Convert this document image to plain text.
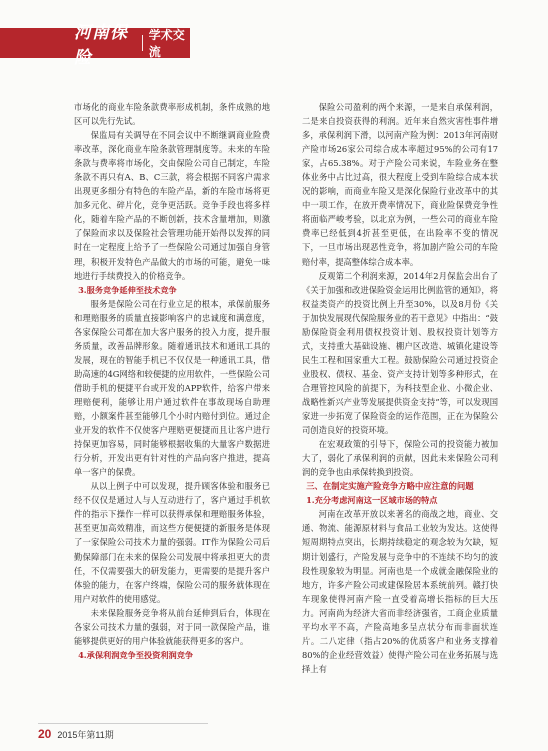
河南保险
学术交流

市场化的商业车险条款费率形成机制，条件成熟的地区可以先行先试。

保监局有关调导在不同会议中不断继调商业险费率改革，深化商业车险条款管理制度等。未来的车险条款与费率将市场化，交由保险公司自己制定，车险条款不再只有A、B、C三款，将会根据不同客户需求出现更多细分有特色的车险产品，新的车险市场将更加多元化、碎片化，竞争更活跃。竞争手段也将多样化，随着车险产品的不断创新，技术含量增加，则激了保险而求以及保险社会管理功能开始得以发挥的同时在一定程度上给予了一些保险公司通过加强自身管理，积极开发特色产品做大的市场的可能，避免一味地进行手续费投入的价格竞争。

3.服务竞争延伸至技术竞争

服务是保险公司在行业立足的根本，承保前服务和理赔服务的质量直接影响客户的忠诚度和满意度，各家保险公司都在加大客户服务的投入力度，提升服务质量，改善品牌形象。随着通讯技术和通讯工具的发展，现在的智能手机已不仅仅是一种通讯工具，借助高速的4G网络和较便捷的应用软件，一些保险公司借助手机的便捷平台或开发的APP软件，给客户带来理赔便利，能够让用户通过软件在事故现场自助理赔，小额案件甚至能够几个小时内赔付到位。通过企业开发的软件不仅使客户理赔更便捷而且让客户进行持保更加容易，同时能够根据收集的大量客户数据进行分析，开发出更有针对性的产品向客户推进，提高单一客户的保费。

从以上例子中可以发现，提升顾客体验和服务已经不仅仅是通过人与人互动进行了，客户通过手机软件的指示下操作一样可以获得承保和理赔服务体验，甚至更加高效精准，而这些方便便捷的新服务是体现了一家保险公司技术力量的强弱。IT作为保险公司后勤保障部门在未来的保险公司发展中将承担更大的责任，不仅需要强大的研发能力，更需要的是提升客户体验的能力，在客户终端，保险公司的服务就体现在用户对软件的使用感觉。

未来保险服务竞争将从前台延伸到后台，体现在各家公司技术力量的强弱，对于同一款保险产品，谁能够提供更好的用户体验就能获得更多的客户。

4.承保利润竞争至投资利润竞争

保险公司盈利的两个来源，一是来自承保利润，二是来自投资获得的利润。近年来自然灾害性事件增多，承保利润下滑，以河南产险为例：2013年河南财产险市场26家公司综合成本率超过95%的公司有17家，占65.38%。对于产险公司来说，车险业务在整体业务中占比过高，很大程度上受到车险综合成本状况的影响，而商业车险又是深化保险行业改革中的其中一项工作，在放开费率情况下，商业险保费竞争性将面临严峻考验，以北京为例，一些公司的商业车险费率已经低到4折甚至更低，在出险率不变的情况下，一旦市场出现恶性竞争，将加剧产险公司的车险赔付率，提高整体综合成本率。

反观第二个利润来源，2014年2月保监会出台了《关于加强和改进保险资金运用比例监管的通知》，将权益类资产的投资比例上升至30%，以及8月份《关于加快发展现代保险服务业的若干意见》中指出：“鼓励保险资金利用债权投资计划、股权投资计划等方式，支持重大基础设施、棚户区改造、城镇化建设等民生工程和国家重大工程。鼓励保险公司通过投资企业股权、债权、基金、资产支持计划等多种形式，在合理管控风险的前提下，为科技型企业、小微企业、战略性新兴产业等发展提供资金支持”等，可以发现国家进一步拓宽了保险资金的运作范围，正在为保险公司创造良好的投资环境。

在宏观政策的引导下，保险公司的投资能力被加大了，弱化了承保利润的贡献，因此未来保险公司利润的竞争也由承保转换到投资。

三、在制定实施产险竞争方略中应注意的问题
1.充分考虑河南这一区域市场的特点

河南在改革开放以来著名的商战之地，商业、交通、物流、能源原材料与食品工业较为发达。这使得短周期特点突出，长期持续稳定的观念较为欠缺，短期计划盛行，产险发展与竞争中的不连续不均匀的波段性现象较为明显。河南也是一个成就金融保险业的地方，许多产险公司或建保险居本系统前列。赣打快车现象使得河南产险一直受着高增长指标的巨大压力。河南尚为经济大省而非经济强省，工商企业质量平均水平不高，产险高地多呈点状分布而非面状连片。二八定律（指占20%的优质客户和业务支撑着80%的企业经营效益）使得产险公司在业务拓展与选择上有

20 2015年第11期
